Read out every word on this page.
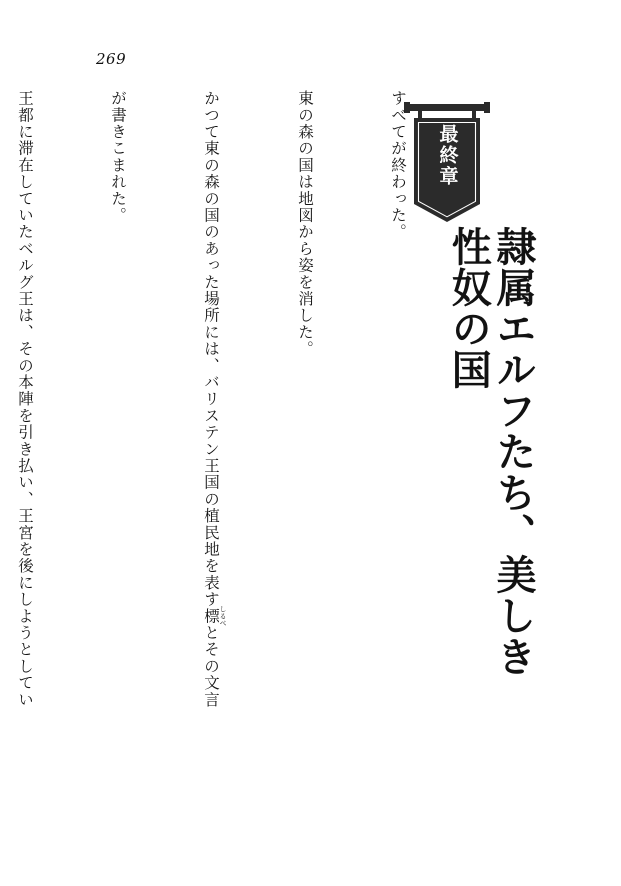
269
最終章
隷属エルフたち、美しき性奴の国

すべてが終わった。

東の森の国は地図から姿を消した。

かつて東の森の国のあった場所には、バリステン王国の植民地を表す標 しるべとその文言

が書きこまれた。

王都に滞在していたベルグ王は、その本陣を引き払い、王宮を後にしようとしてい
